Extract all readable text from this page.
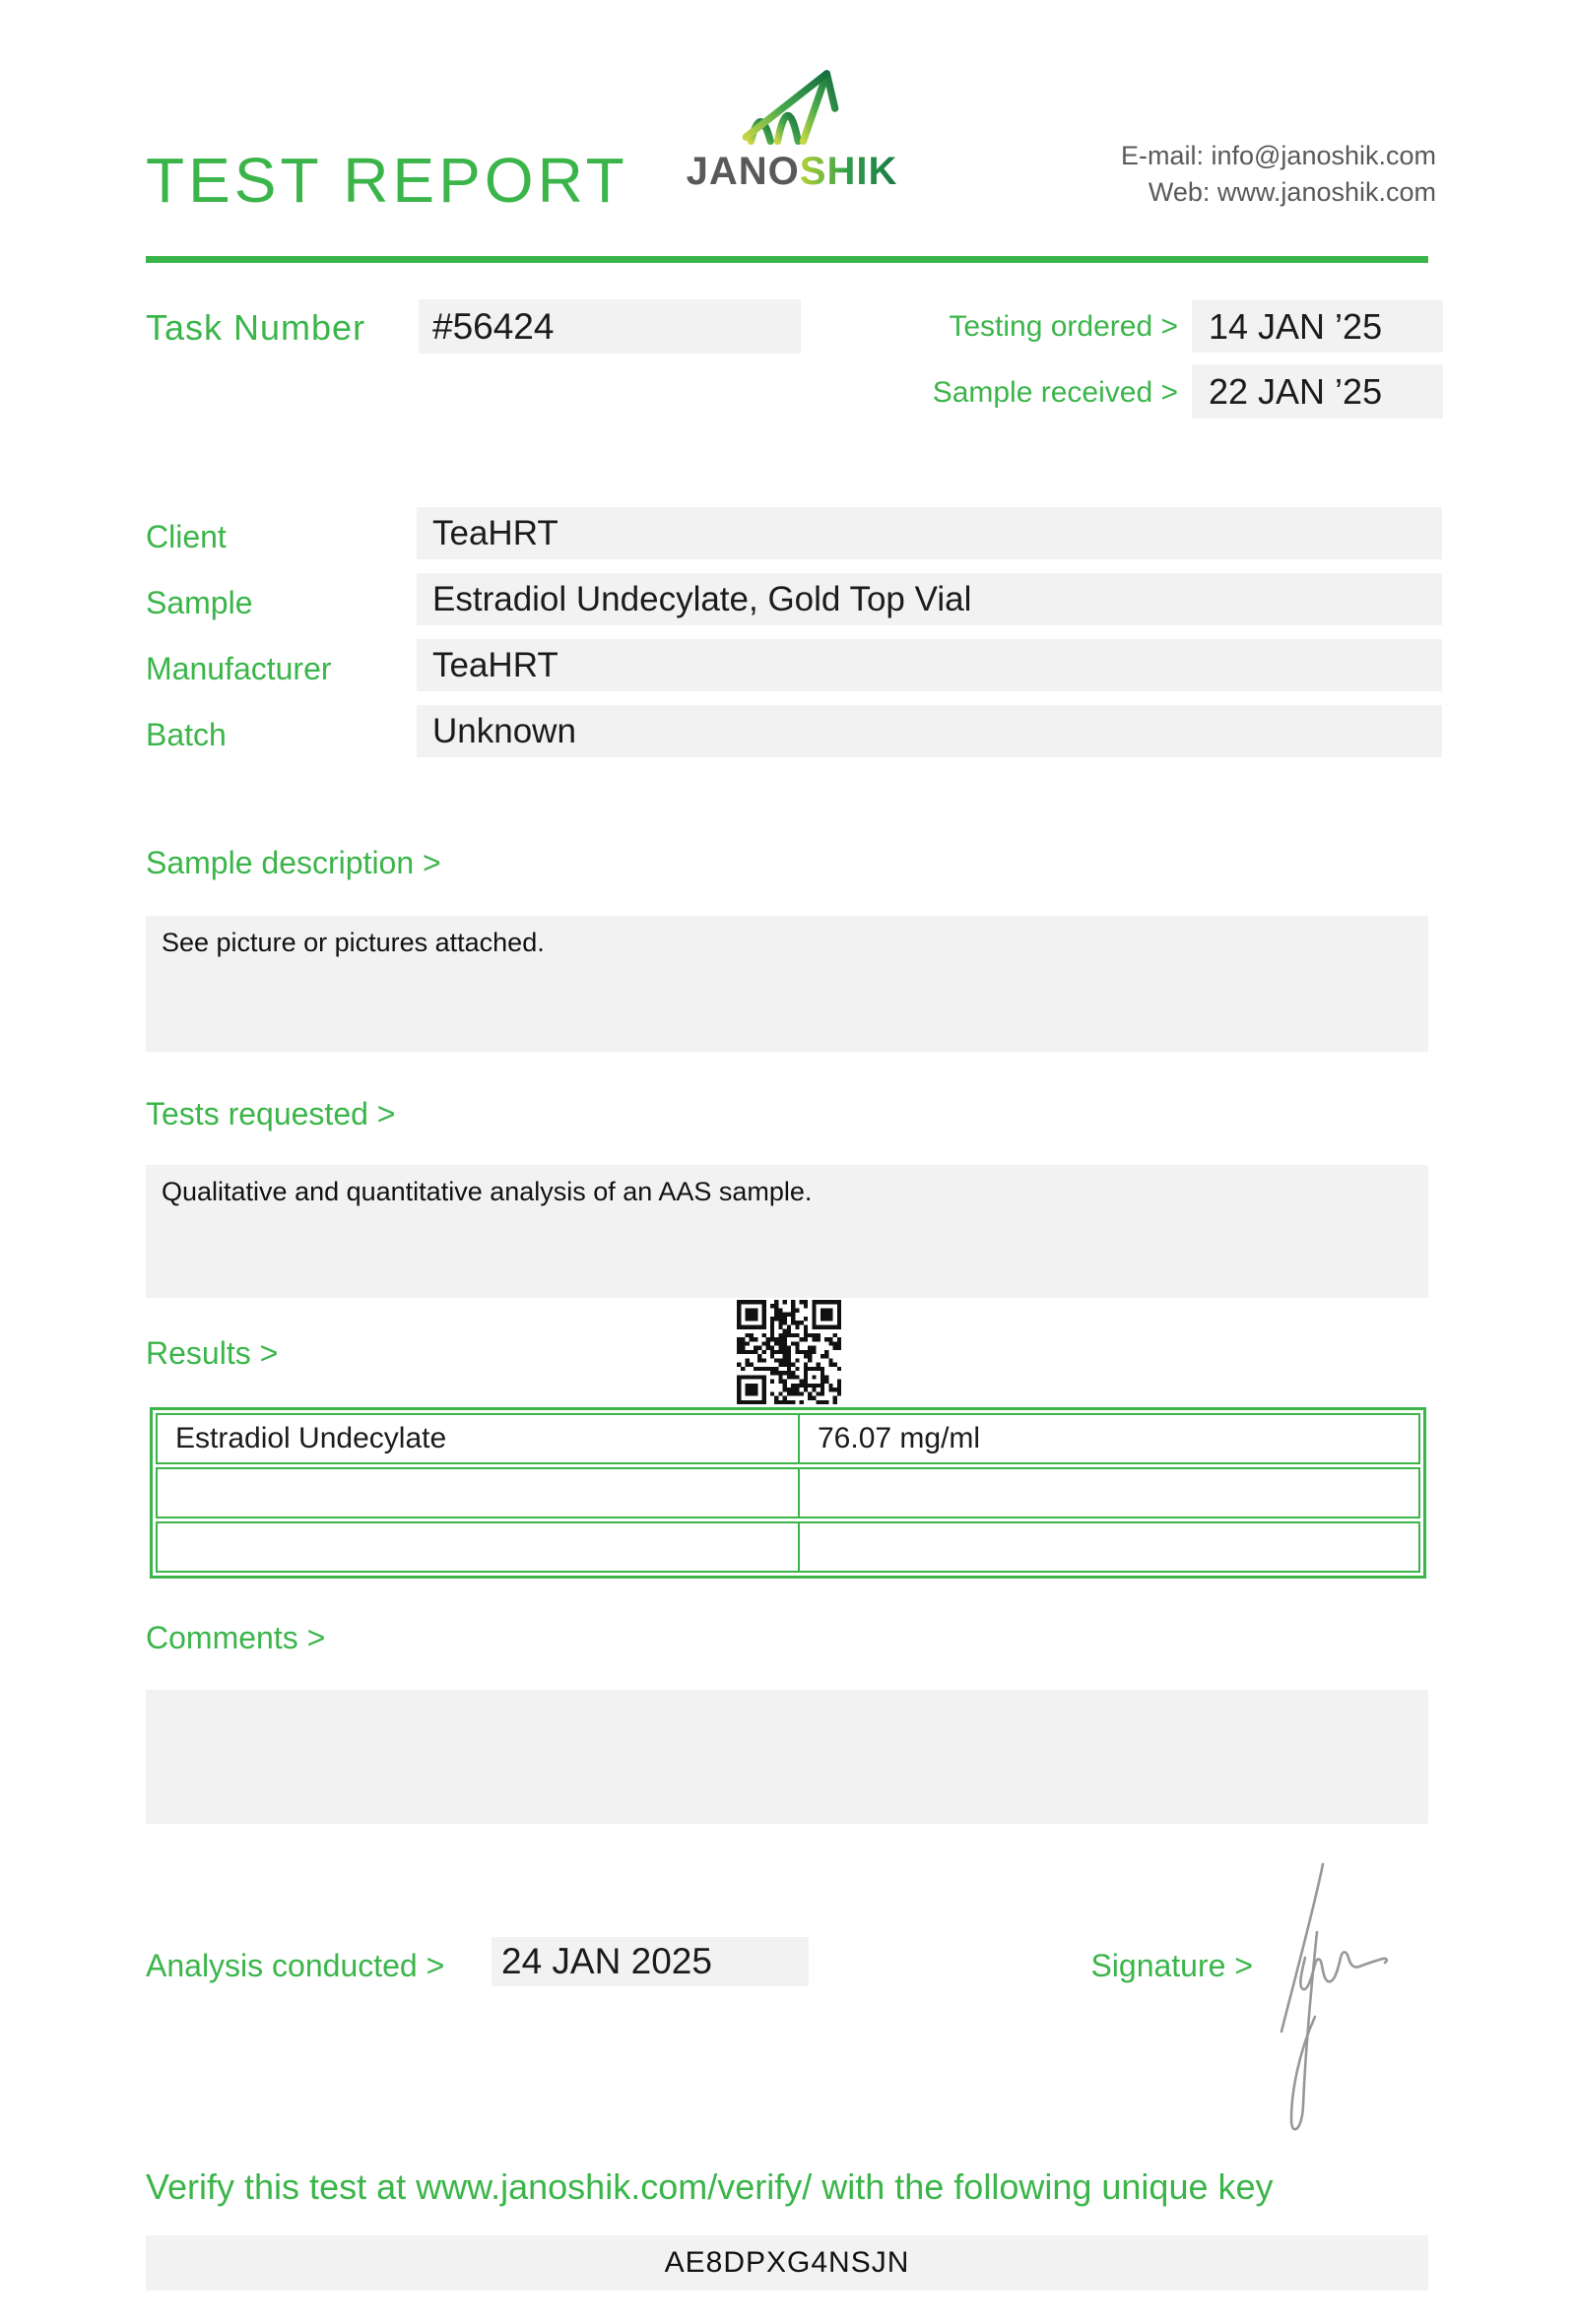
TEST REPORT JANOSHIK	E-mail: info@janoshik.com
Web: www.janoshik.com
Task Number	#56424	Testing ordered > 14 JAN ’25
Sample received > 22 JAN ’25
Client	TeaHRT
Sample	Estradiol Undecylate, Gold Top Vial
Manufacturer	TeaHRT
Batch	Unknown
Sample description >
See picture or pictures attached.
Tests requested >
Qualitative and quantitative analysis of an AAS sample.
Results >
Estradiol Undecylate	76.07 mg/ml
Comments >
Analysis conducted > 24 JAN 2025	Signature >
Verify this test at www.janoshik.com/verify/ with the following unique key
AE8DPXG4NSJN
